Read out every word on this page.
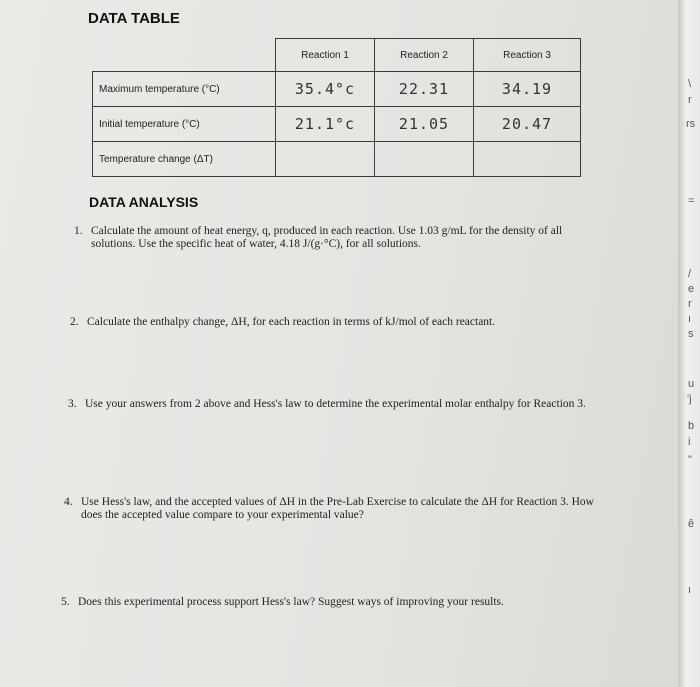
\
r
rs
=
/
e
r
ı
s
u
'j
b
i
"
ê
ı
DATA TABLE
	Reaction 1	Reaction 2	Reaction 3
Maximum temperature (°C)	35.4°c	22.31	34.19
Initial temperature (°C)	21.1°c	21.05	20.47
Temperature change (ΔT)			
DATA ANALYSIS
1. Calculate the amount of heat energy, q, produced in each reaction. Use 1.03 g/mL for the density of all solutions. Use the specific heat of water, 4.18 J/(g·°C), for all solutions.
2. Calculate the enthalpy change, ΔH, for each reaction in terms of kJ/mol of each reactant.
3. Use your answers from 2 above and Hess's law to determine the experimental molar enthalpy for Reaction 3.
4. Use Hess's law, and the accepted values of ΔH in the Pre-Lab Exercise to calculate the ΔH for Reaction 3. How does the accepted value compare to your experimental value?
5. Does this experimental process support Hess's law? Suggest ways of improving your results.
